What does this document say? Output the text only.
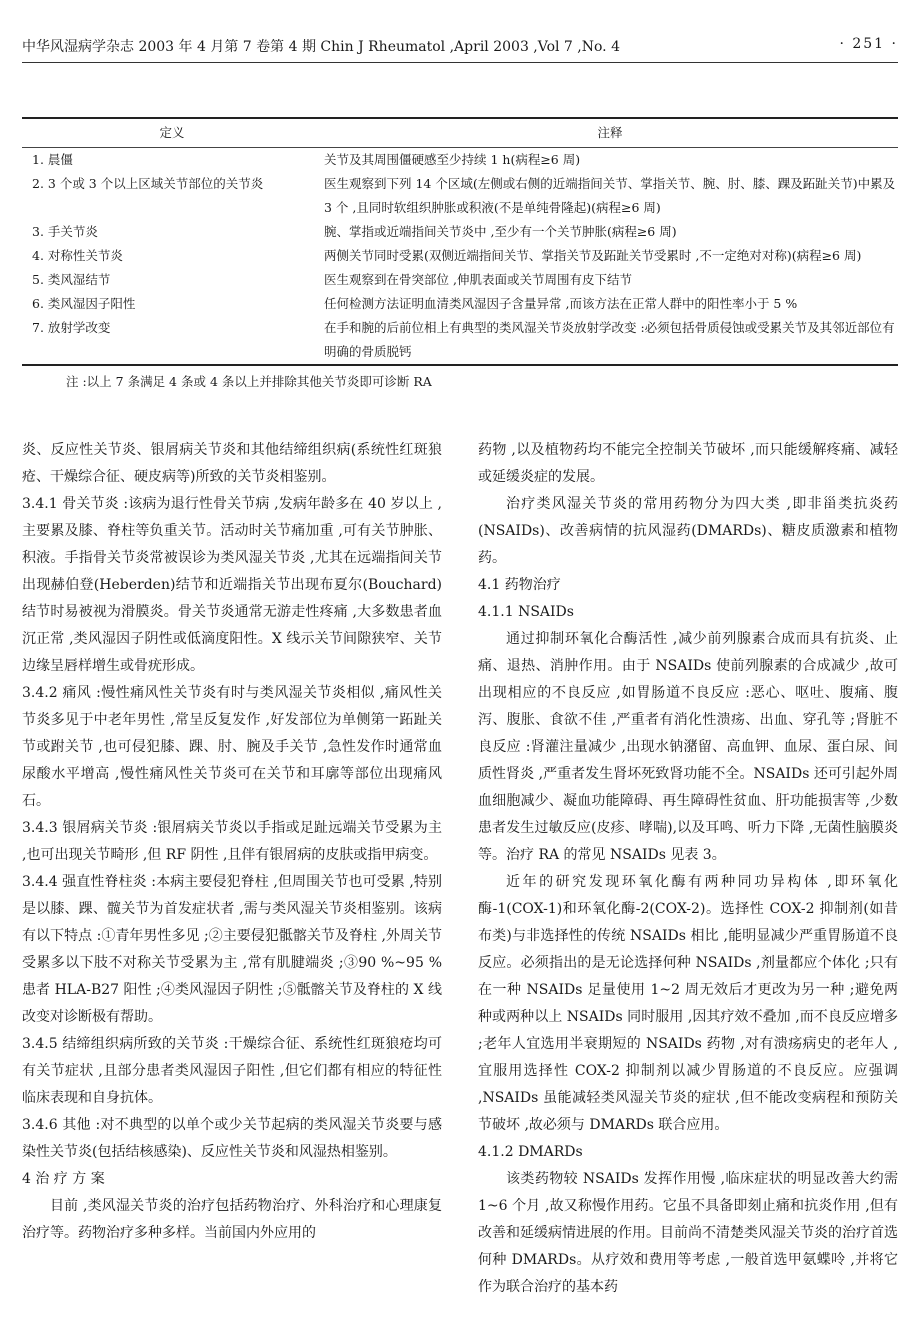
中华风湿病学杂志 2003 年 4 月第 7 卷第 4 期 Chin J Rheumatol ,April 2003 ,Vol 7 ,No. 4	· 251 ·
定义	注释
1. 晨僵	关节及其周围僵硬感至少持续 1 h(病程≥6 周)
2. 3 个或 3 个以上区域关节部位的关节炎	医生观察到下列 14 个区域(左侧或右侧的近端指间关节、掌指关节、腕、肘、膝、踝及跖趾关节)中累及 3 个 ,且同时软组织肿胀或积液(不是单纯骨隆起)(病程≥6 周)
3. 手关节炎	腕、掌指或近端指间关节炎中 ,至少有一个关节肿胀(病程≥6 周)
4. 对称性关节炎	两侧关节同时受累(双侧近端指间关节、掌指关节及跖趾关节受累时 ,不一定绝对对称)(病程≥6 周)
5. 类风湿结节	医生观察到在骨突部位 ,伸肌表面或关节周围有皮下结节
6. 类风湿因子阳性	任何检测方法证明血清类风湿因子含量异常 ,而该方法在正常人群中的阳性率小于 5 %
7. 放射学改变	在手和腕的后前位相上有典型的类风湿关节炎放射学改变 :必须包括骨质侵蚀或受累关节及其邻近部位有明确的骨质脱钙

注 :以上 7 条满足 4 条或 4 条以上并排除其他关节炎即可诊断 RA

炎、反应性关节炎、银屑病关节炎和其他结缔组织病(系统性红斑狼疮、干燥综合征、硬皮病等)所致的关节炎相鉴别。

3.4.1 骨关节炎 :该病为退行性骨关节病 ,发病年龄多在 40 岁以上 ,主要累及膝、脊柱等负重关节。活动时关节痛加重 ,可有关节肿胀、积液。手指骨关节炎常被误诊为类风湿关节炎 ,尤其在远端指间关节出现赫伯登(Heberden)结节和近端指关节出现布夏尔(Bouchard)结节时易被视为滑膜炎。骨关节炎通常无游走性疼痛 ,大多数患者血沉正常 ,类风湿因子阴性或低滴度阳性。X 线示关节间隙狭窄、关节边缘呈唇样增生或骨疣形成。

3.4.2 痛风 :慢性痛风性关节炎有时与类风湿关节炎相似 ,痛风性关节炎多见于中老年男性 ,常呈反复发作 ,好发部位为单侧第一跖趾关节或跗关节 ,也可侵犯膝、踝、肘、腕及手关节 ,急性发作时通常血尿酸水平增高 ,慢性痛风性关节炎可在关节和耳廓等部位出现痛风石。

3.4.3 银屑病关节炎 :银屑病关节炎以手指或足趾远端关节受累为主 ,也可出现关节畸形 ,但 RF 阴性 ,且伴有银屑病的皮肤或指甲病变。

3.4.4 强直性脊柱炎 :本病主要侵犯脊柱 ,但周围关节也可受累 ,特别是以膝、踝、髋关节为首发症状者 ,需与类风湿关节炎相鉴别。该病有以下特点 :①青年男性多见 ;②主要侵犯骶髂关节及脊柱 ,外周关节受累多以下肢不对称关节受累为主 ,常有肌腱端炎 ;③90 %~95 %患者 HLA-B27 阳性 ;④类风湿因子阴性 ;⑤骶髂关节及脊柱的 X 线改变对诊断极有帮助。

3.4.5 结缔组织病所致的关节炎 :干燥综合征、系统性红斑狼疮均可有关节症状 ,且部分患者类风湿因子阳性 ,但它们都有相应的特征性临床表现和自身抗体。

3.4.6 其他 :对不典型的以单个或少关节起病的类风湿关节炎要与感染性关节炎(包括结核感染)、反应性关节炎和风湿热相鉴别。

4 治 疗 方 案

目前 ,类风湿关节炎的治疗包括药物治疗、外科治疗和心理康复治疗等。药物治疗多种多样。当前国内外应用的

药物 ,以及植物药均不能完全控制关节破坏 ,而只能缓解疼痛、减轻或延缓炎症的发展。

治疗类风湿关节炎的常用药物分为四大类 ,即非甾类抗炎药(NSAIDs)、改善病情的抗风湿药(DMARDs)、糖皮质激素和植物药。

4.1 药物治疗

4.1.1 NSAIDs

通过抑制环氧化合酶活性 ,减少前列腺素合成而具有抗炎、止痛、退热、消肿作用。由于 NSAIDs 使前列腺素的合成减少 ,故可出现相应的不良反应 ,如胃肠道不良反应 :恶心、呕吐、腹痛、腹泻、腹胀、食欲不佳 ,严重者有消化性溃疡、出血、穿孔等 ;肾脏不良反应 :肾灌注量减少 ,出现水钠潴留、高血钾、血尿、蛋白尿、间质性肾炎 ,严重者发生肾坏死致肾功能不全。NSAIDs 还可引起外周血细胞减少、凝血功能障碍、再生障碍性贫血、肝功能损害等 ,少数患者发生过敏反应(皮疹、哮喘),以及耳鸣、听力下降 ,无菌性脑膜炎等。治疗 RA 的常见 NSAIDs 见表 3。

近年的研究发现环氧化酶有两种同功异构体 ,即环氧化酶-1(COX-1)和环氧化酶-2(COX-2)。选择性 COX-2 抑制剂(如昔布类)与非选择性的传统 NSAIDs 相比 ,能明显减少严重胃肠道不良反应。必须指出的是无论选择何种 NSAIDs ,剂量都应个体化 ;只有在一种 NSAIDs 足量使用 1~2 周无效后才更改为另一种 ;避免两种或两种以上 NSAIDs 同时服用 ,因其疗效不叠加 ,而不良反应增多 ;老年人宜选用半衰期短的 NSAIDs 药物 ,对有溃疡病史的老年人 ,宜服用选择性 COX-2 抑制剂以减少胃肠道的不良反应。应强调 ,NSAIDs 虽能减轻类风湿关节炎的症状 ,但不能改变病程和预防关节破坏 ,故必须与 DMARDs 联合应用。

4.1.2 DMARDs

该类药物较 NSAIDs 发挥作用慢 ,临床症状的明显改善大约需 1~6 个月 ,故又称慢作用药。它虽不具备即刻止痛和抗炎作用 ,但有改善和延缓病情进展的作用。目前尚不清楚类风湿关节炎的治疗首选何种 DMARDs。从疗效和费用等考虑 ,一般首选甲氨蝶呤 ,并将它作为联合治疗的基本药
